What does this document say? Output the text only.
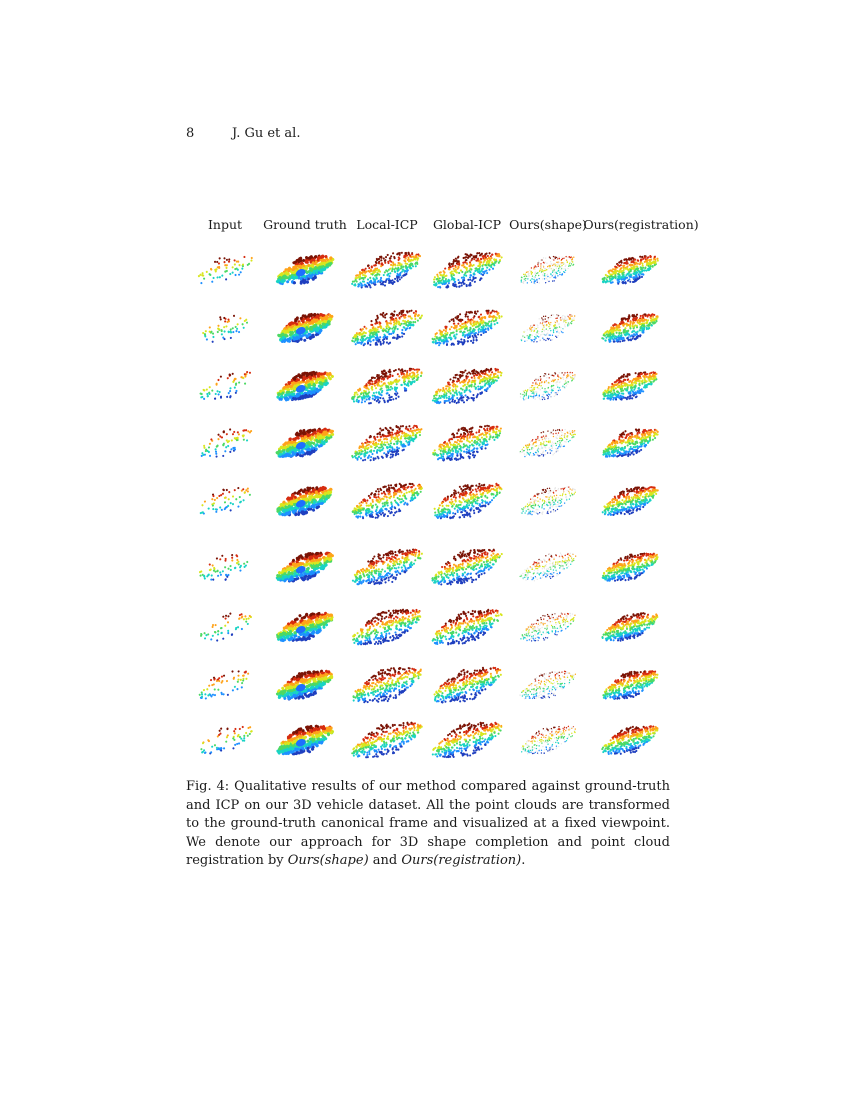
8	J. Gu et al.
Input Ground truth Local-ICP Global-ICP Ours(shape)
Ours(registration)
Fig. 4: Qualitative results of our method compared against ground-truth and ICP on our 3D vehicle dataset. All the point clouds are transformed to the ground-truth canonical frame and visualized at a fixed viewpoint. We denote our approach for 3D shape completion and point cloud registration by Ours(shape) and Ours(registration).
